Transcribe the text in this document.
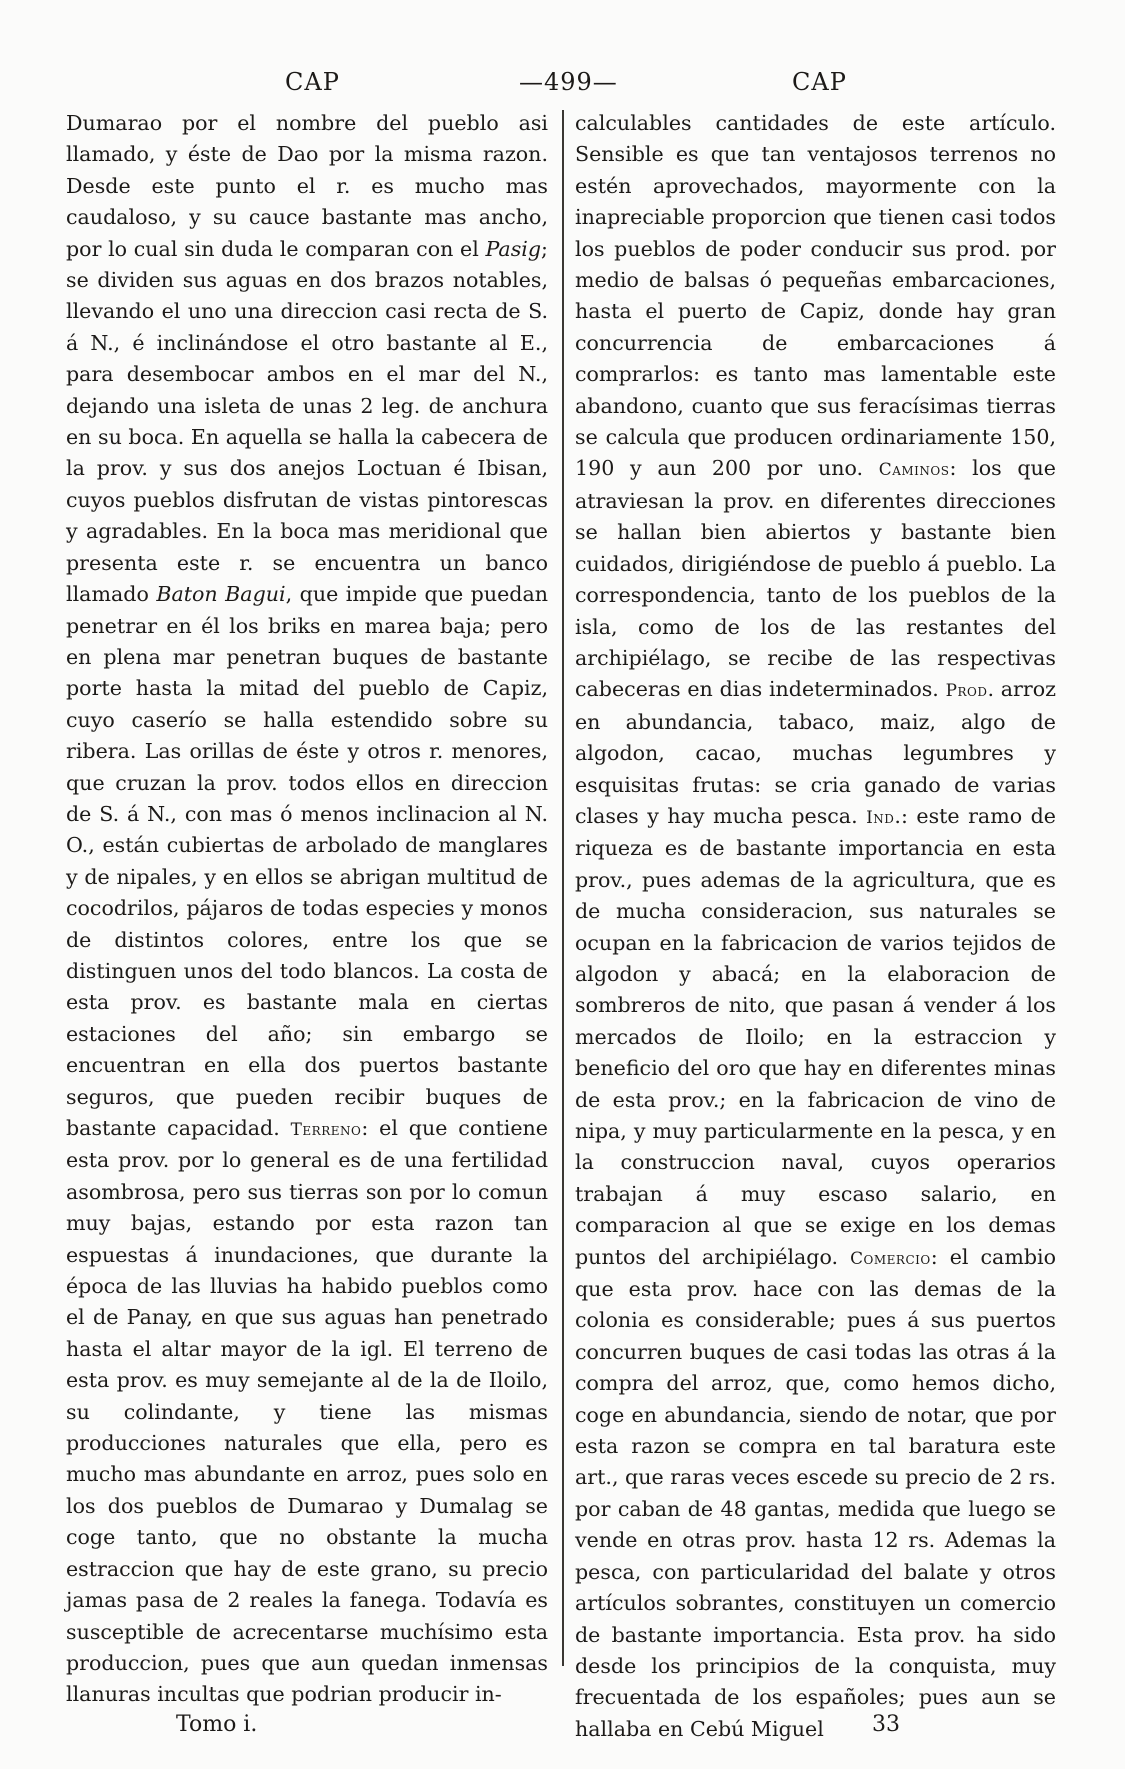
CAP	—499—	CAP

Dumarao por el nombre del pueblo asi llamado, y éste de Dao por la misma razon. Desde este punto el r. es mucho mas caudaloso, y su cauce bastante mas ancho, por lo cual sin duda le comparan con el Pasig; se dividen sus aguas en dos brazos notables, llevando el uno una direccion casi recta de S. á N., é inclinándose el otro bastante al E., para desembocar ambos en el mar del N., dejando una isleta de unas 2 leg. de anchura en su boca. En aquella se halla la cabecera de la prov. y sus dos anejos Loctuan é Ibisan, cuyos pueblos disfrutan de vistas pintorescas y agradables. En la boca mas meridional que presenta este r. se encuentra un banco llamado Baton Bagui, que impide que puedan penetrar en él los briks en marea baja; pero en plena mar penetran buques de bastante porte hasta la mitad del pueblo de Capiz, cuyo caserío se halla estendido sobre su ribera. Las orillas de éste y otros r. menores, que cruzan la prov. todos ellos en direccion de S. á N., con mas ó menos inclinacion al N. O., están cubiertas de arbolado de manglares y de nipales, y en ellos se abrigan multitud de cocodrilos, pájaros de todas especies y monos de distintos colores, entre los que se distinguen unos del todo blancos. La costa de esta prov. es bastante mala en ciertas estaciones del año; sin embargo se encuentran en ella dos puertos bastante seguros, que pueden recibir buques de bastante capacidad. Terreno: el que contiene esta prov. por lo general es de una fertilidad asombrosa, pero sus tierras son por lo comun muy bajas, estando por esta razon tan espuestas á inundaciones, que durante la época de las lluvias ha habido pueblos como el de Panay, en que sus aguas han penetrado hasta el altar mayor de la igl. El terreno de esta prov. es muy semejante al de la de Iloilo, su colindante, y tiene las mismas producciones naturales que ella, pero es mucho mas abundante en arroz, pues solo en los dos pueblos de Dumarao y Dumalag se coge tanto, que no obstante la mucha estraccion que hay de este grano, su precio jamas pasa de 2 reales la fanega. Todavía es susceptible de acrecentarse muchísimo esta produccion, pues que aun quedan inmensas llanuras incultas que podrian producir in-

calculables cantidades de este artículo. Sensible es que tan ventajosos terrenos no estén aprovechados, mayormente con la inapreciable proporcion que tienen casi todos los pueblos de poder conducir sus prod. por medio de balsas ó pequeñas embarcaciones, hasta el puerto de Capiz, donde hay gran concurrencia de embarcaciones á comprarlos: es tanto mas lamentable este abandono, cuanto que sus feracísimas tierras se calcula que producen ordinariamente 150, 190 y aun 200 por uno. Caminos: los que atraviesan la prov. en diferentes direcciones se hallan bien abiertos y bastante bien cuidados, dirigiéndose de pueblo á pueblo. La correspondencia, tanto de los pueblos de la isla, como de los de las restantes del archipiélago, se recibe de las respectivas cabeceras en dias indeterminados. Prod. arroz en abundancia, tabaco, maiz, algo de algodon, cacao, muchas legumbres y esquisitas frutas: se cria ganado de varias clases y hay mucha pesca. Ind.: este ramo de riqueza es de bastante importancia en esta prov., pues ademas de la agricultura, que es de mucha consideracion, sus naturales se ocupan en la fabricacion de varios tejidos de algodon y abacá; en la elaboracion de sombreros de nito, que pasan á vender á los mercados de Iloilo; en la estraccion y beneficio del oro que hay en diferentes minas de esta prov.; en la fabricacion de vino de nipa, y muy particularmente en la pesca, y en la construccion naval, cuyos operarios trabajan á muy escaso salario, en comparacion al que se exige en los demas puntos del archipiélago. Comercio: el cambio que esta prov. hace con las demas de la colonia es considerable; pues á sus puertos concurren buques de casi todas las otras á la compra del arroz, que, como hemos dicho, coge en abundancia, siendo de notar, que por esta razon se compra en tal baratura este art., que raras veces escede su precio de 2 rs. por caban de 48 gantas, medida que luego se vende en otras prov. hasta 12 rs. Ademas la pesca, con particularidad del balate y otros artículos sobrantes, constituyen un comercio de bastante importancia. Esta prov. ha sido desde los principios de la conquista, muy frecuentada de los españoles; pues aun se hallaba en Cebú Miguel

Tomo i.	33
